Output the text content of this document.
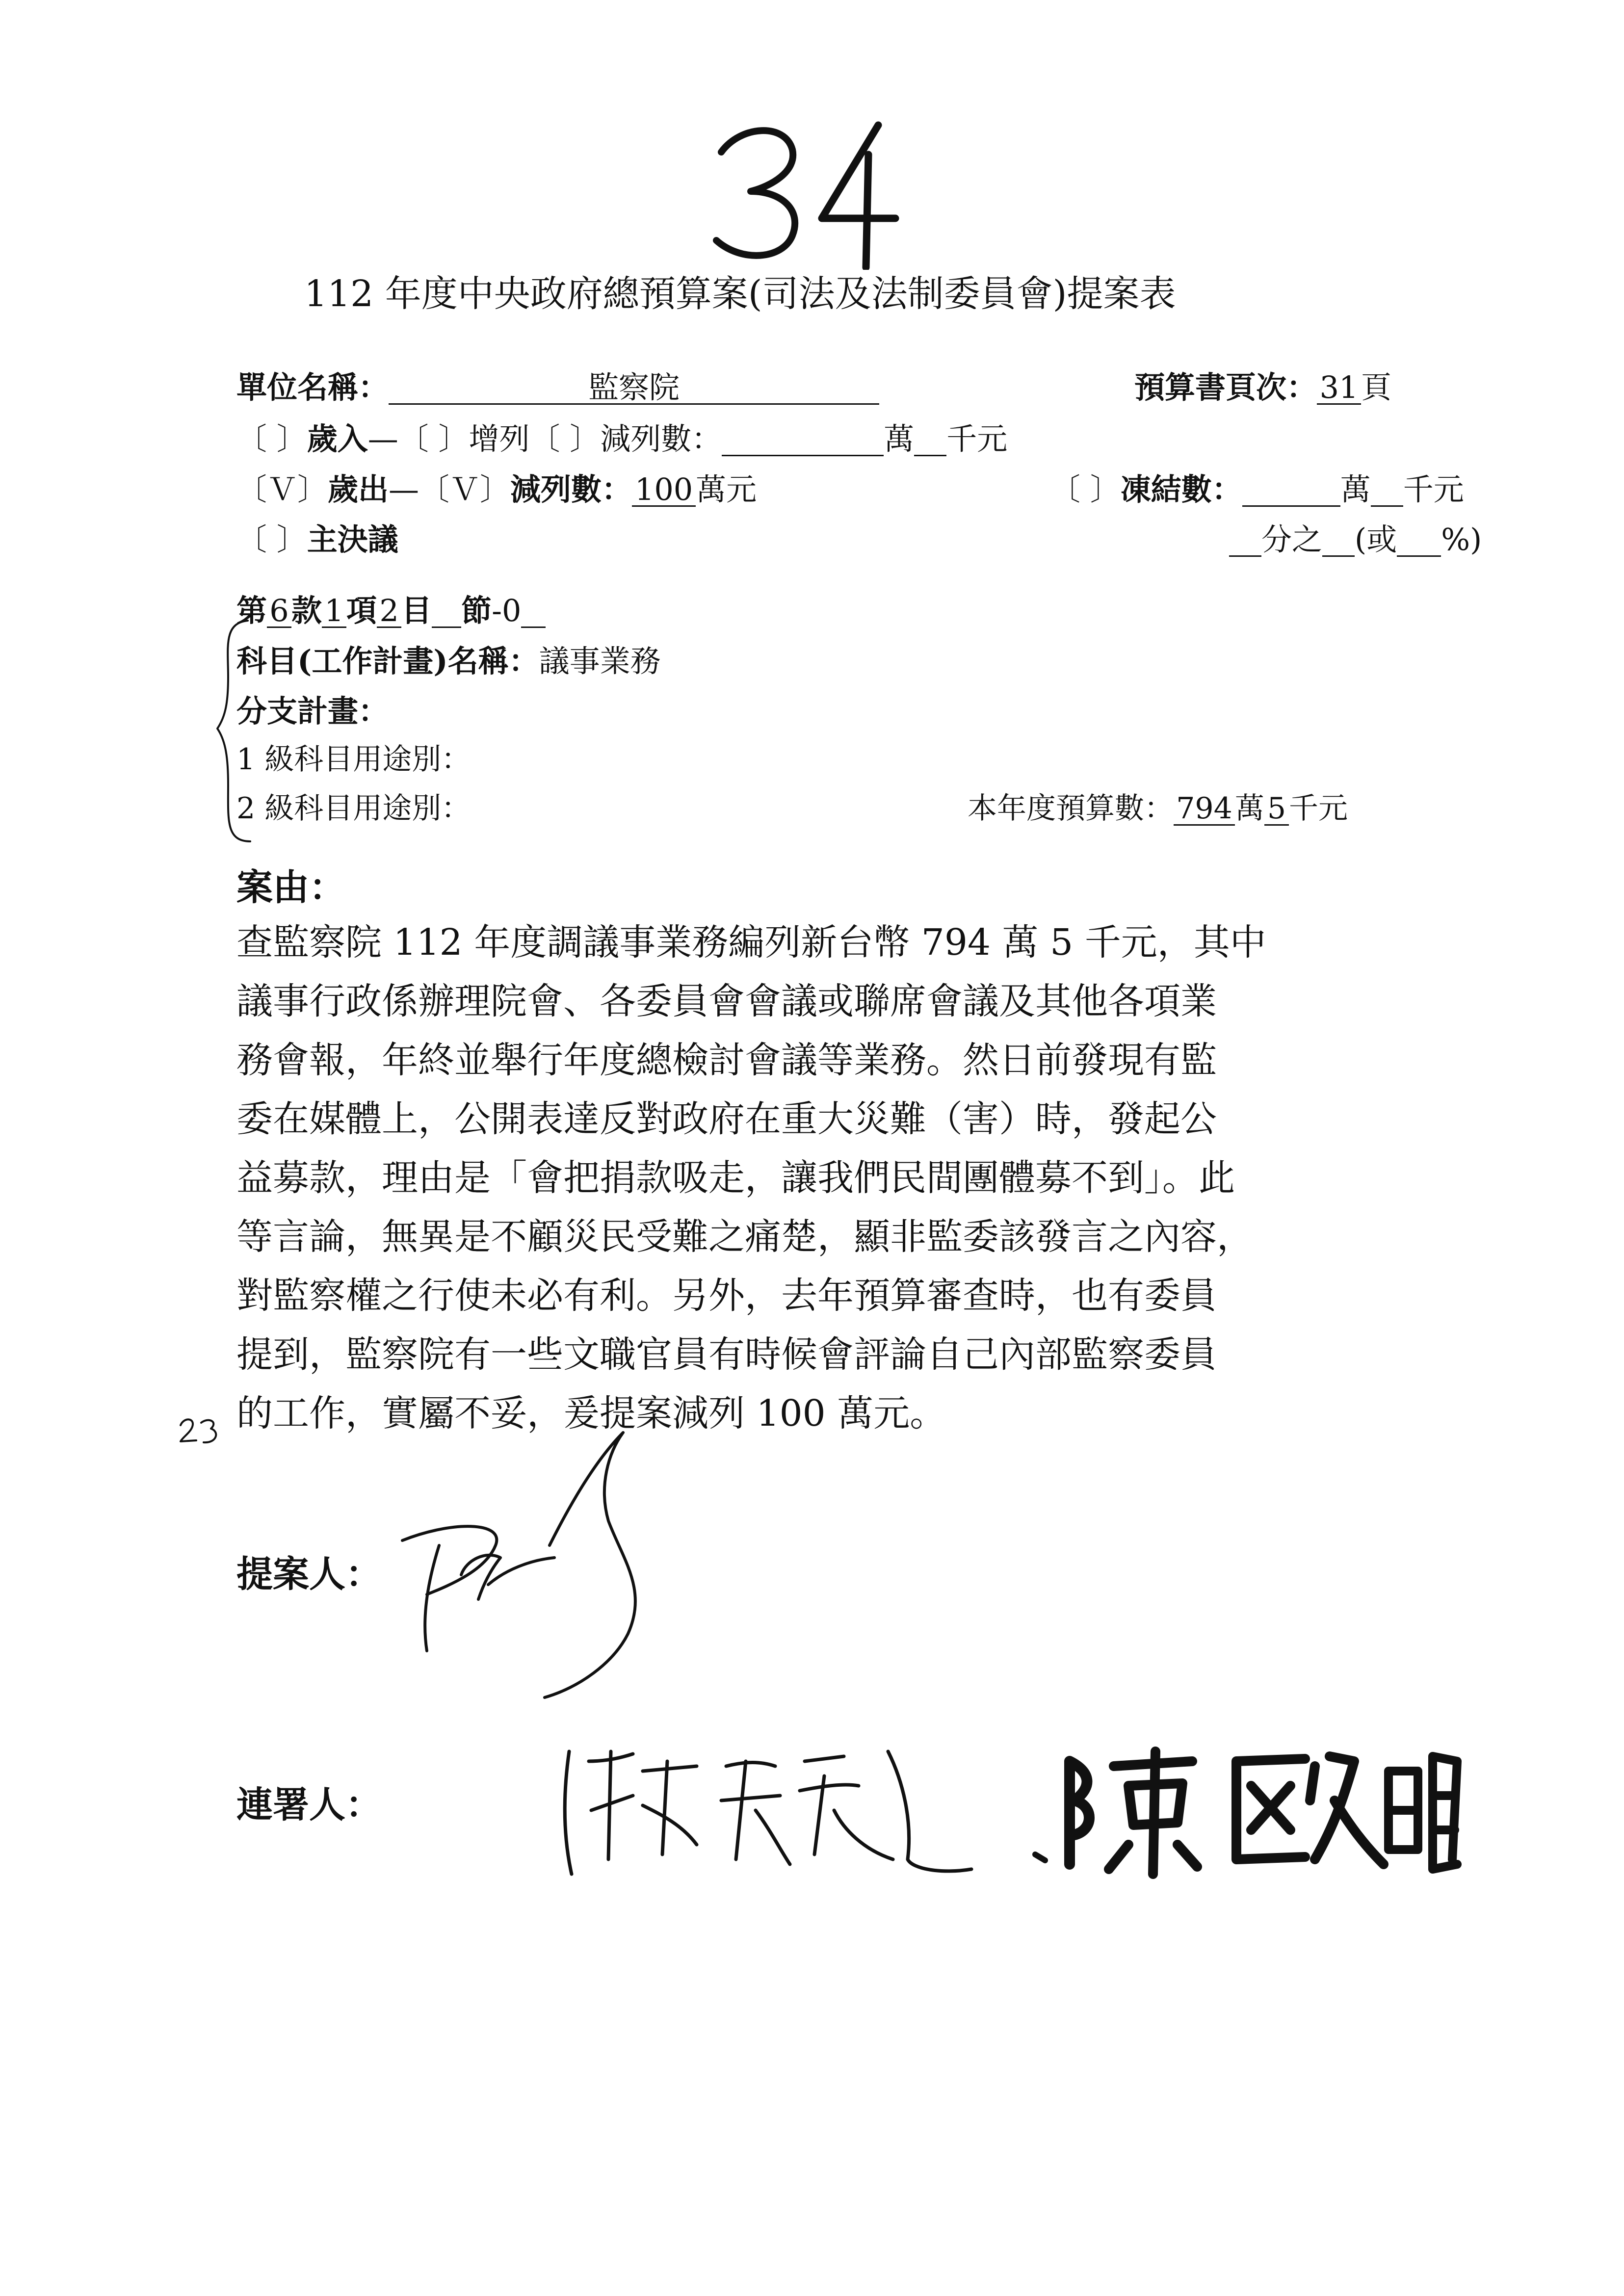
112 年度中央政府總預算案(司法及法制委員會)提案表
單位名稱：	監察院	預算書頁次：31頁
〔 〕歲入—〔 〕增列〔 〕減列數：	萬 千元
〔Ｖ〕歲出—〔Ｖ〕減列數：100萬元	〔 〕凍結數：	萬 千元
〔 〕主決議	分之 (或 %)
第6款1項2目 節-0
科目(工作計畫)名稱：議事業務
分支計畫：
1 級科目用途別：
2 級科目用途別：	本年度預算數：794萬5千元
案由：
查監察院 112 年度調議事業務編列新台幣 794 萬 5 千元，其中
議事行政係辦理院會、各委員會會議或聯席會議及其他各項業
務會報，年終並舉行年度總檢討會議等業務。然日前發現有監
委在媒體上，公開表達反對政府在重大災難（害）時，發起公
益募款，理由是「會把捐款吸走，讓我們民間團體募不到」。此
等言論，無異是不顧災民受難之痛楚，顯非監委該發言之內容，
對監察權之行使未必有利。另外，去年預算審查時，也有委員
提到，監察院有一些文職官員有時候會評論自己內部監察委員
的工作，實屬不妥，爰提案減列 100 萬元。
提案人：
連署人：
